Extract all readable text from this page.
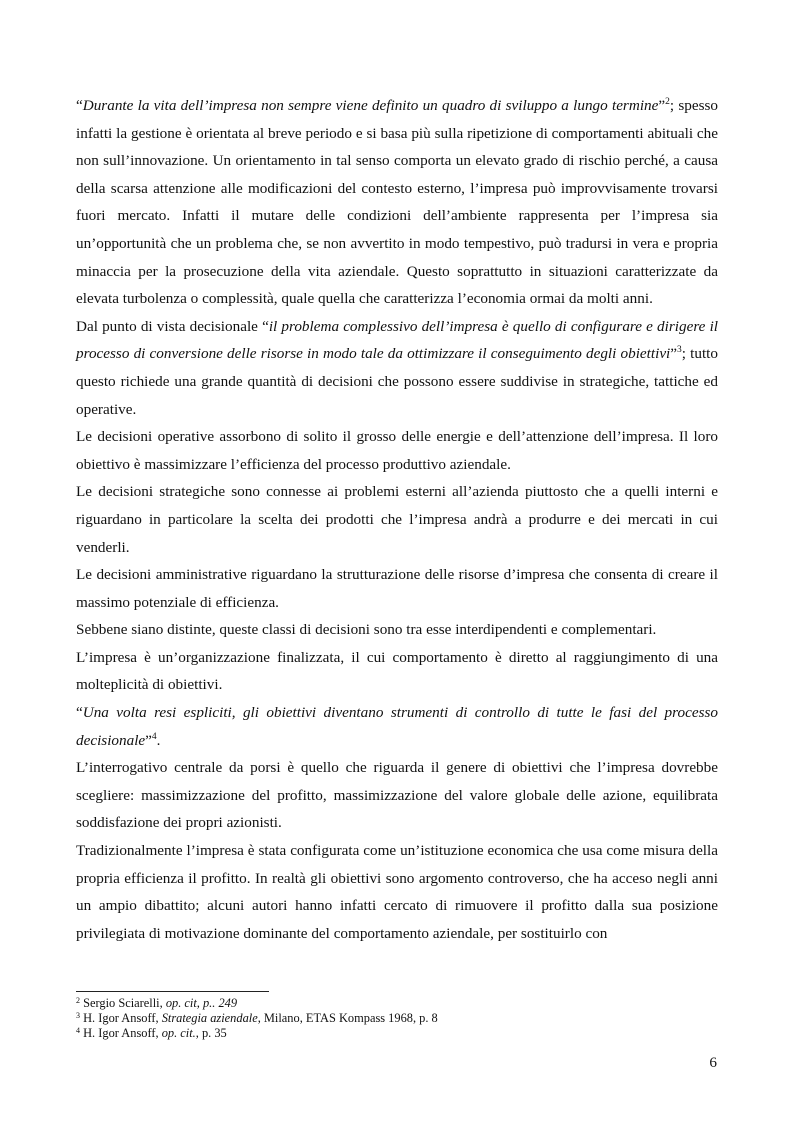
“Durante la vita dell’impresa non sempre viene definito un quadro di sviluppo a lungo termine”$^2$; spesso infatti la gestione è orientata al breve periodo e si basa più sulla ripetizione di comportamenti abituali che non sull’innovazione. Un orientamento in tal senso comporta un elevato grado di rischio perché, a causa della scarsa attenzione alle modificazioni del contesto esterno, l’impresa può improvvisamente trovarsi fuori mercato. Infatti il mutare delle condizioni dell’ambiente rappresenta per l’impresa sia un’opportunità che un problema che, se non avvertito in modo tempestivo, può tradursi in vera e propria minaccia per la prosecuzione della vita aziendale. Questo soprattutto in situazioni caratterizzate da elevata turbolenza o complessità, quale quella che caratterizza l’economia ormai da molti anni.

Dal punto di vista decisionale “il problema complessivo dell’impresa è quello di configurare e dirigere il processo di conversione delle risorse in modo tale da ottimizzare il conseguimento degli obiettivi”$^3$; tutto questo richiede una grande quantità di decisioni che possono essere suddivise in strategiche, tattiche ed operative.

Le decisioni operative assorbono di solito il grosso delle energie e dell’attenzione dell’impresa. Il loro obiettivo è massimizzare l’efficienza del processo produttivo aziendale.

Le decisioni strategiche sono connesse ai problemi esterni all’azienda piuttosto che a quelli interni e riguardano in particolare la scelta dei prodotti che l’impresa andrà a produrre e dei mercati in cui venderli.

Le decisioni amministrative riguardano la strutturazione delle risorse d’impresa che consenta di creare il massimo potenziale di efficienza.

Sebbene siano distinte, queste classi di decisioni sono tra esse interdipendenti e complementari.

L’impresa è un’organizzazione finalizzata, il cui comportamento è diretto al raggiungimento di una molteplicità di obiettivi.

“Una volta resi espliciti, gli obiettivi diventano strumenti di controllo di tutte le fasi del processo decisionale”$^4$.

L’interrogativo centrale da porsi è quello che riguarda il genere di obiettivi che l’impresa dovrebbe scegliere: massimizzazione del profitto, massimizzazione del valore globale delle azione, equilibrata soddisfazione dei propri azionisti.

Tradizionalmente l’impresa è stata configurata come un’istituzione economica che usa come misura della propria efficienza il profitto. In realtà gli obiettivi sono argomento controverso, che ha acceso negli anni un ampio dibattito; alcuni autori hanno infatti cercato di rimuovere il profitto dalla sua posizione privilegiata di motivazione dominante del comportamento aziendale, per sostituirlo con

$^2$ Sergio Sciarelli, op. cit, p.. 249

$^3$ H. Igor Ansoff, Strategia aziendale, Milano, ETAS Kompass 1968, p. 8

$^4$ H. Igor Ansoff, op. cit., p. 35

6
